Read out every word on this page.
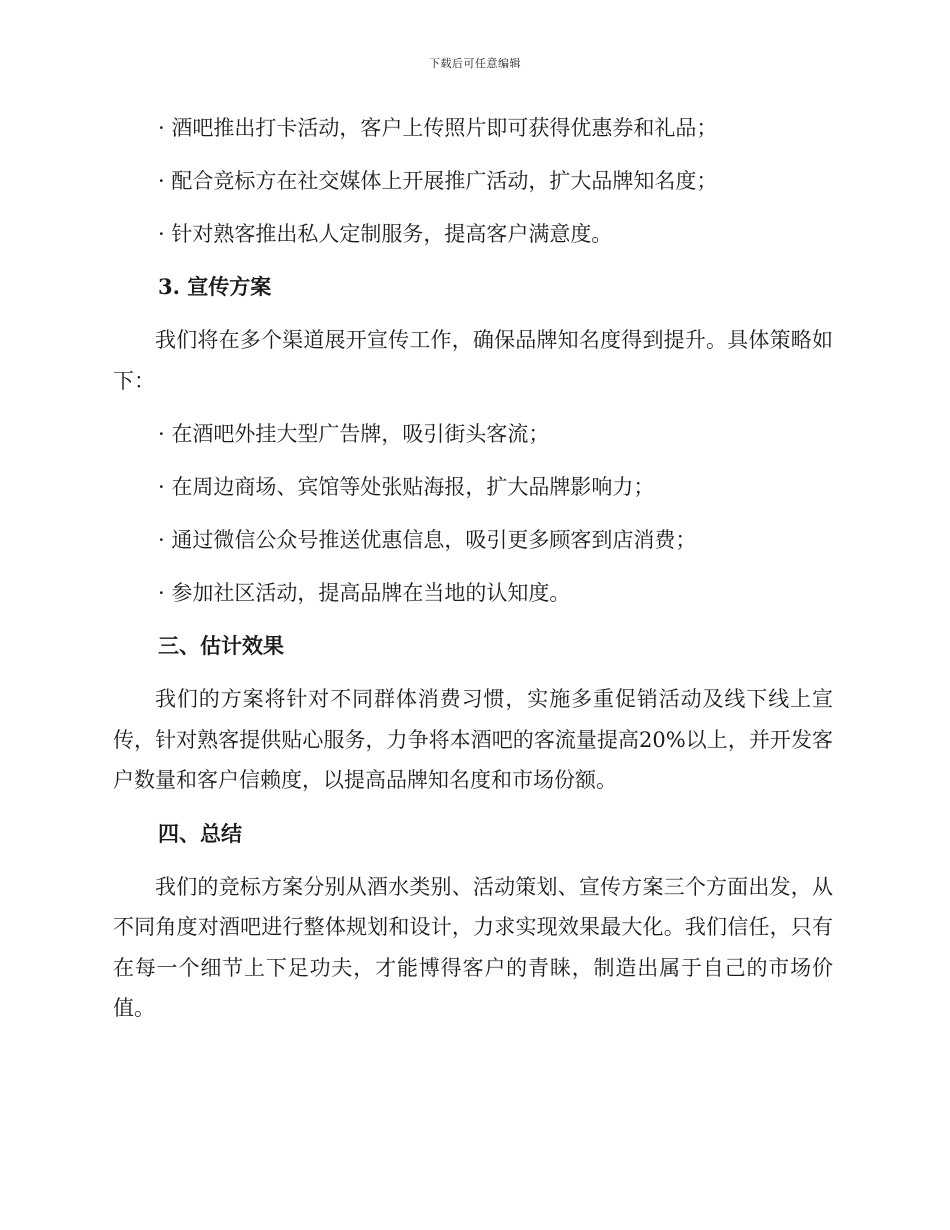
下载后可任意编辑

· 酒吧推出打卡活动，客户上传照片即可获得优惠券和礼品；

· 配合竞标方在社交媒体上开展推广活动，扩大品牌知名度；

· 针对熟客推出私人定制服务，提高客户满意度。

3. 宣传方案

我们将在多个渠道展开宣传工作，确保品牌知名度得到提升。具体策略如下：

· 在酒吧外挂大型广告牌，吸引街头客流；

· 在周边商场、宾馆等处张贴海报，扩大品牌影响力；

· 通过微信公众号推送优惠信息，吸引更多顾客到店消费；

· 参加社区活动，提高品牌在当地的认知度。

三、估计效果

我们的方案将针对不同群体消费习惯，实施多重促销活动及线下线上宣传，针对熟客提供贴心服务，力争将本酒吧的客流量提高20%以上，并开发客户数量和客户信赖度，以提高品牌知名度和市场份额。

四、总结

我们的竞标方案分别从酒水类别、活动策划、宣传方案三个方面出发，从不同角度对酒吧进行整体规划和设计，力求实现效果最大化。我们信任，只有在每一个细节上下足功夫，才能博得客户的青睐，制造出属于自己的市场价值。
